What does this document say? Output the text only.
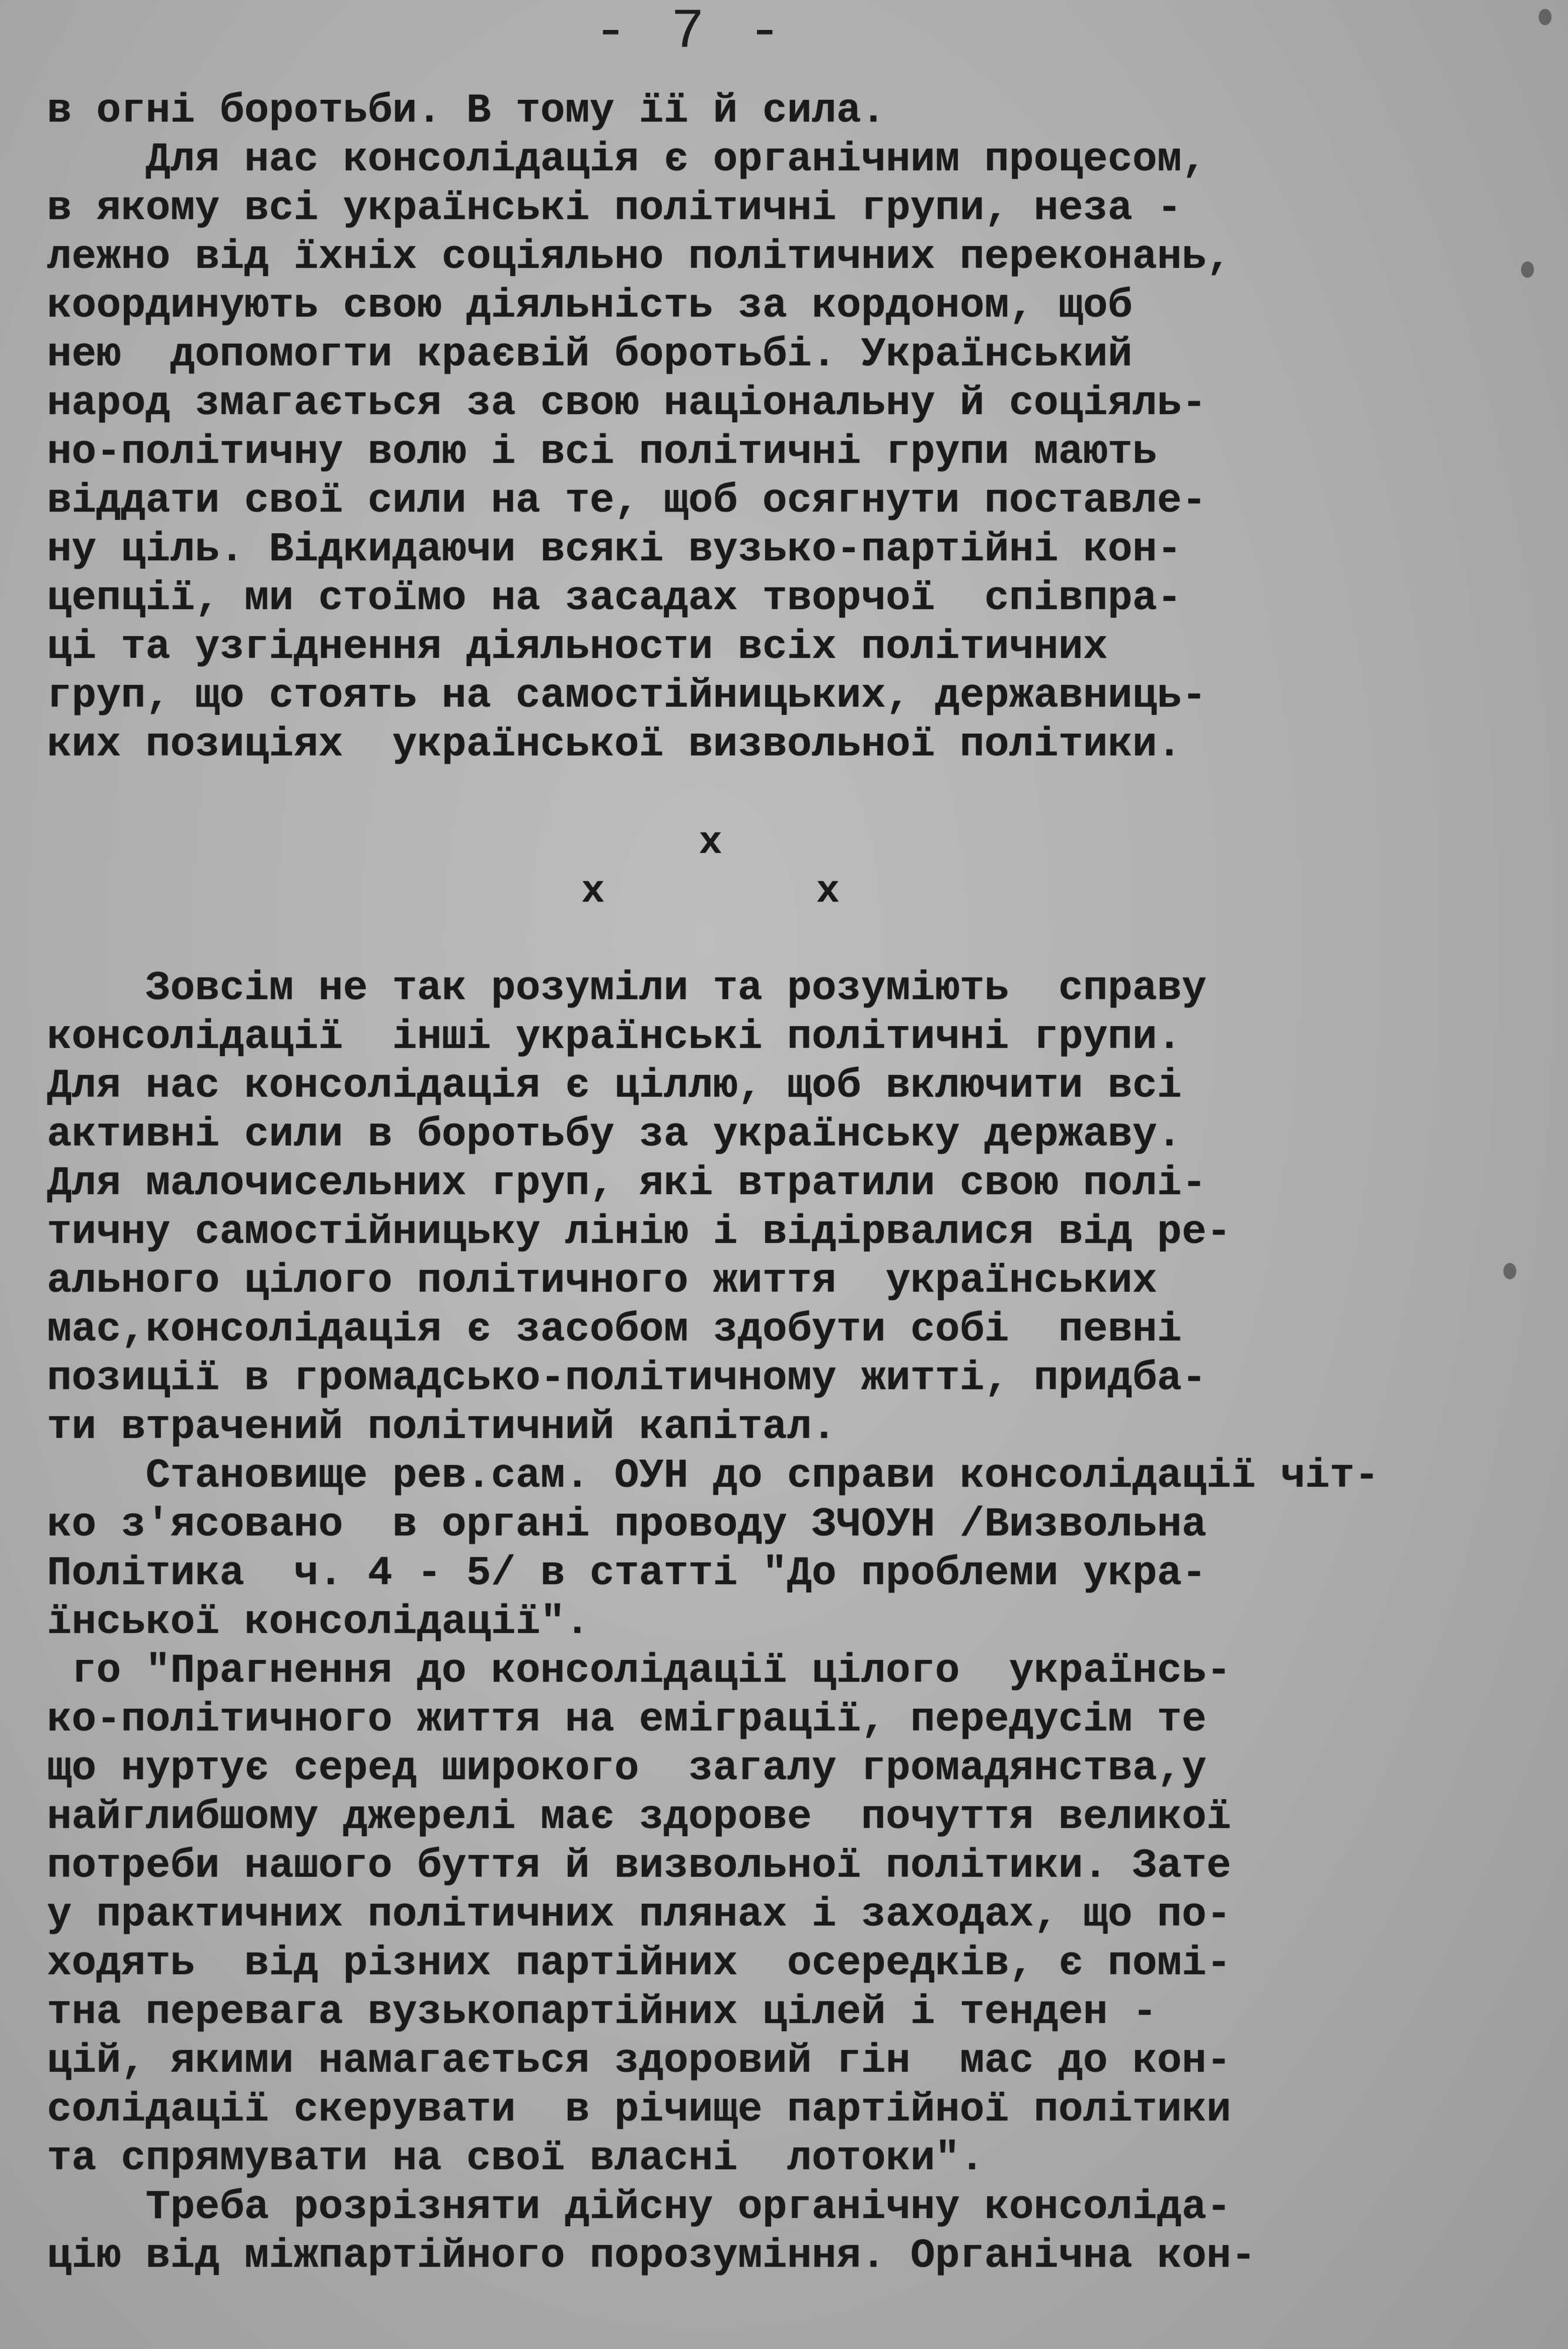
- 7 -
в огні боротьби. В тому її й сила.
Для нас консолідація є органічним процесом,
в якому всі українські політичні групи, неза -
лежно від їхніх соціяльно політичних переконань,
координують свою діяльність за кордоном, щоб
нею  допомогти краєвій боротьбі. Український
народ змагається за свою національну й соціяль-
но-політичну волю і всі політичні групи мають
віддати свої сили на те, щоб осягнути поставле-
ну ціль. Відкидаючи всякі вузько-партійні кон-
цепції, ми стоїмо на засадах творчої  співпра-
ці та узгіднення діяльности всіх політичних
груп, що стоять на самостійницьких, державниць-
ких позиціях  української визвольної політики.
x
x	x
Зовсім не так розуміли та розуміють  справу
консолідації  інші українські політичні групи.
Для нас консолідація є ціллю, щоб включити всі
активні сили в боротьбу за українську державу.
Для малочисельних груп, які втратили свою полі-
тичну самостійницьку лінію і відірвалися від ре-
ального цілого політичного життя  українських
мас,консолідація є засобом здобути собі  певні
позиції в громадсько-політичному житті, придба-
ти втрачений політичний капітал.
Становище рев.сам. ОУН до справи консолідації чіт-
ко з'ясовано  в органі проводу ЗЧОУН /Визвольна
Політика  ч. 4 - 5/ в статті "До проблеми укра-
їнської консолідації".
го "Прагнення до консолідації цілого  українсь-
ко-політичного життя на еміграції, передусім те
що нуртує серед широкого  загалу громадянства,у
найглибшому джерелі має здорове  почуття великої
потреби нашого буття й визвольної політики. Зате
у практичних політичних плянах і заходах, що по-
ходять  від різних партійних  осередків, є помі-
тна перевага вузькопартійних цілей і тенден -
цій, якими намагається здоровий гін  мас до кон-
солідації скерувати  в річище партійної політики
та спрямувати на свої власні  лотоки".
Треба розрізняти дійсну органічну консоліда-
цію від міжпартійного порозуміння. Органічна кон-
